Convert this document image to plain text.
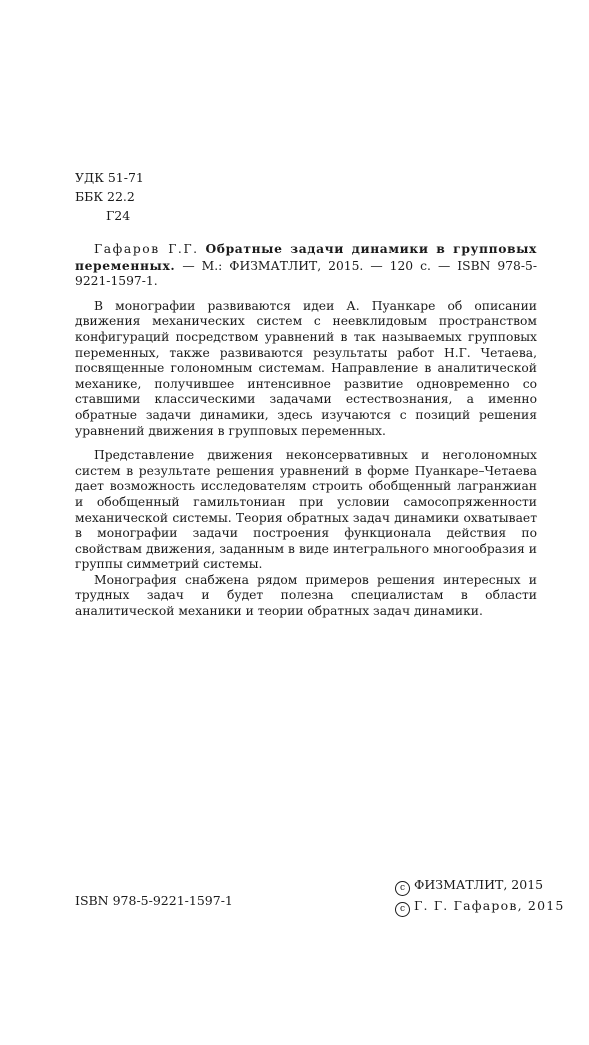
УДК 51-71
ББК 22.2
Г24

Гафаров Г.Г. Обратные задачи динамики в групповых переменных. — М.: ФИЗМАТЛИТ, 2015. — 120 с. — ISBN 978-5-9221-1597-1.

В монографии развиваются идеи А. Пуанкаре об описании движения механических систем с неевклидовым пространством конфигураций посредством уравнений в так называемых групповых переменных, также развиваются результаты работ Н.Г. Четаева, посвященные голономным системам. Направление в аналитической механике, получившее интенсивное развитие одновременно со ставшими классическими задачами естествознания, а именно обратные задачи динамики, здесь изучаются с позиций решения уравнений движения в групповых переменных.

Представление движения неконсервативных и неголономных систем в результате решения уравнений в форме Пуанкаре–Четаева дает возможность исследователям строить обобщенный лагранжиан и обобщенный гамильтониан при условии самосопряженности механической системы. Теория обратных задач динамики охватывает в монографии задачи построения функционала действия по свойствам движения, заданным в виде интегрального многообразия и группы симметрий системы.

Монография снабжена рядом примеров решения интересных и трудных задач и будет полезна специалистам в области аналитической механики и теории обратных задач динамики.

ISBN 978-5-9221-1597-1
c ФИЗМАТЛИТ, 2015
c Г. Г. Гафаров, 2015
